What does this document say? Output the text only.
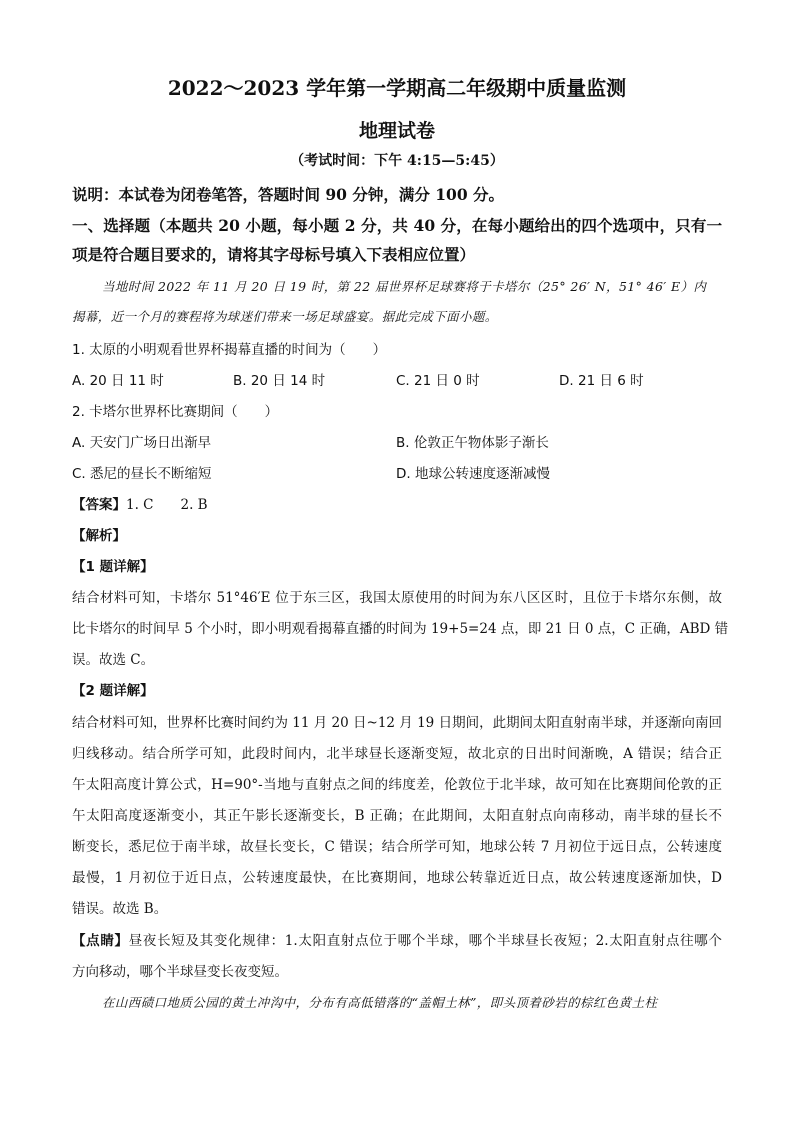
2022～2023 学年第一学期高二年级期中质量监测
地理试卷
（考试时间：下午 4:15—5:45）
说明：本试卷为闭卷笔答，答题时间 90 分钟，满分 100 分。
一、选择题（本题共 20 小题，每小题 2 分，共 40 分，在每小题给出的四个选项中，只有一
项是符合题目要求的，请将其字母标号填入下表相应位置）
当地时间 2022 年 11 月 20 日 19 时，第 22 届世界杯足球赛将于卡塔尔（25° 26′ N，51° 46′ E）内
揭幕，近一个月的赛程将为球迷们带来一场足球盛宴。据此完成下面小题。
1. 太原的小明观看世界杯揭幕直播的时间为（　　）
A. 20 日 11 时	B. 20 日 14 时	C. 21 日 0 时	D. 21 日 6 时
2. 卡塔尔世界杯比赛期间（　　）
A. 天安门广场日出渐早	B. 伦敦正午物体影子渐长
C. 悉尼的昼长不断缩短	D. 地球公转速度逐渐减慢
【答案】1. C　　2. B
【解析】
【1 题详解】
结合材料可知，卡塔尔 51°46′E 位于东三区，我国太原使用的时间为东八区区时，且位于卡塔尔东侧，故
比卡塔尔的时间早 5 个小时，即小明观看揭幕直播的时间为 19+5=24 点，即 21 日 0 点，C 正确，ABD 错
误。故选 C。
【2 题详解】
结合材料可知，世界杯比赛时间约为 11 月 20 日~12 月 19 日期间，此期间太阳直射南半球，并逐渐向南回
归线移动。结合所学可知，此段时间内，北半球昼长逐渐变短，故北京的日出时间渐晚，A 错误；结合正
午太阳高度计算公式，H=90°-当地与直射点之间的纬度差，伦敦位于北半球，故可知在比赛期间伦敦的正
午太阳高度逐渐变小，其正午影长逐渐变长，B 正确；在此期间，太阳直射点向南移动，南半球的昼长不
断变长，悉尼位于南半球，故昼长变长，C 错误；结合所学可知，地球公转 7 月初位于远日点，公转速度
最慢，1 月初位于近日点，公转速度最快，在比赛期间，地球公转靠近近日点，故公转速度逐渐加快，D
错误。故选 B。
【点睛】昼夜长短及其变化规律：1.太阳直射点位于哪个半球，哪个半球昼长夜短；2.太阳直射点往哪个
方向移动，哪个半球昼变长夜变短。
在山西碛口地质公园的黄土冲沟中，分布有高低错落的“盖帽土林”，即头顶着砂岩的棕红色黄土柱
